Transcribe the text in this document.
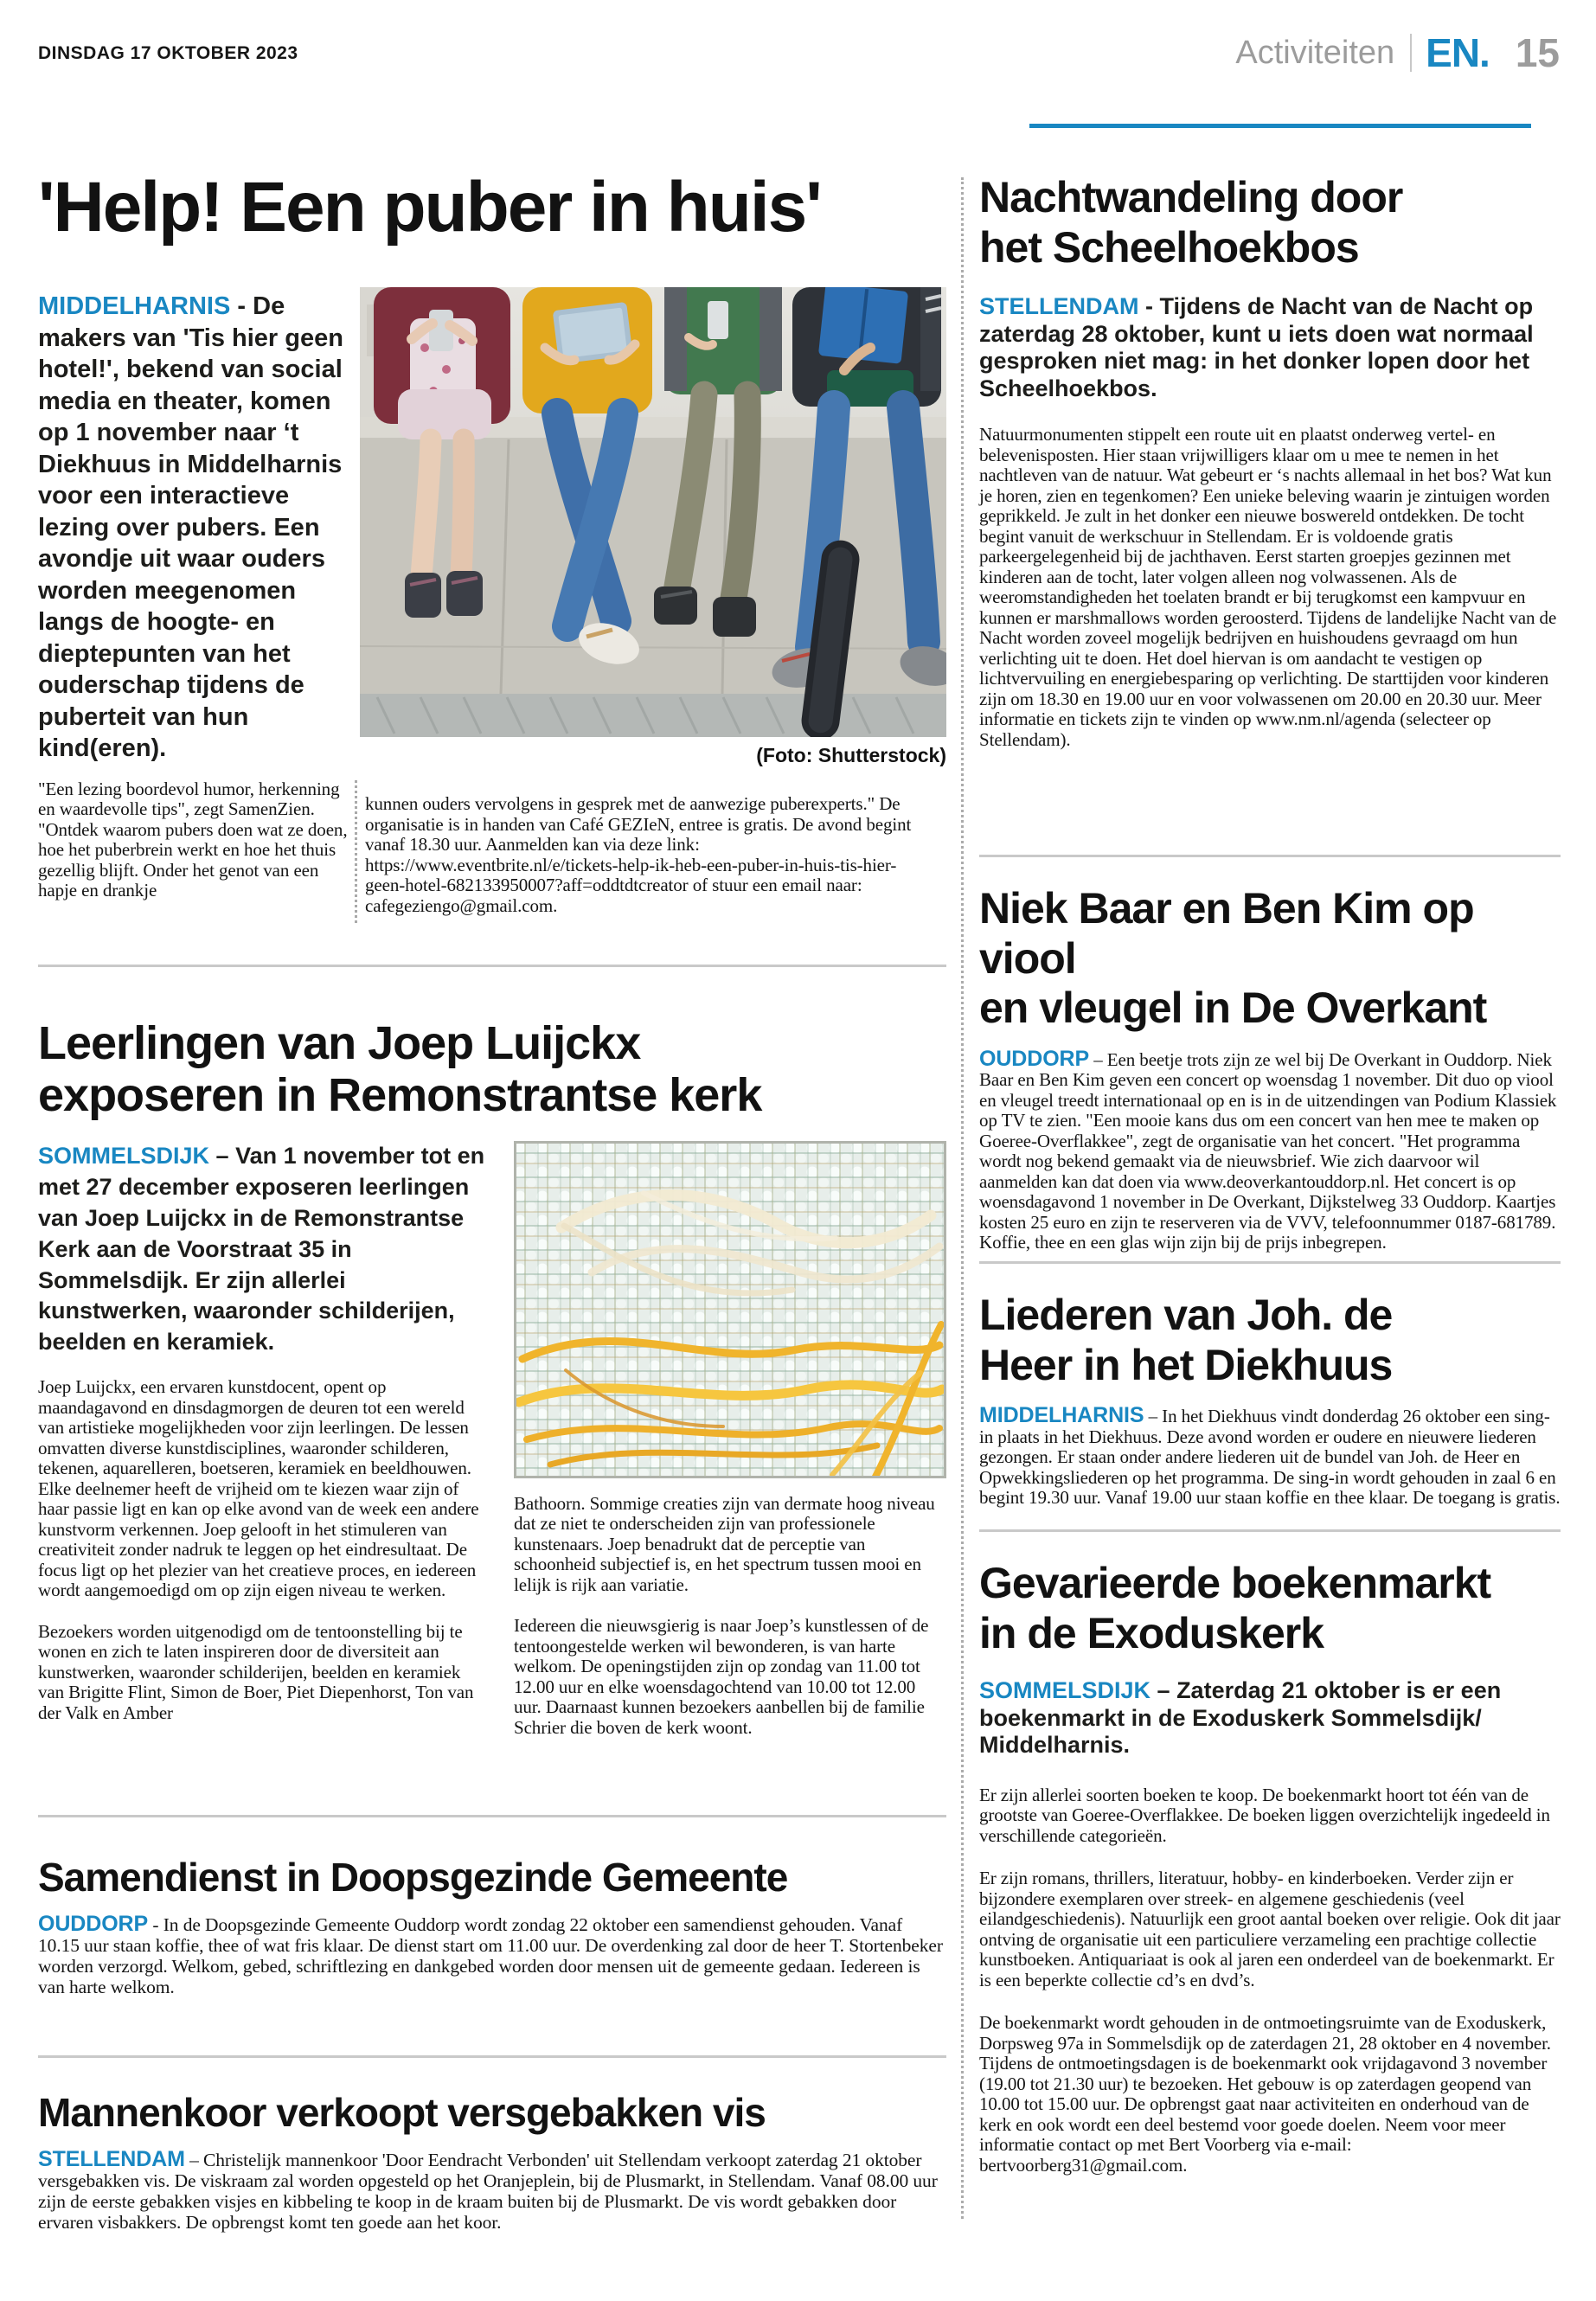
DINSDAG 17 OKTOBER 2023	Activiteiten EN. 15
'Help! Een puber in huis'

MIDDELHARNIS - De makers van 'Tis hier geen hotel!', bekend van social media en theater, komen op 1 november naar ‘t Diekhuus in Middelharnis voor een interactieve lezing over pubers. Een avondje uit waar ouders worden meegenomen langs de hoogte- en dieptepunten van het ouderschap tijdens de puberteit van hun kind(eren).

"Een lezing boordevol humor, herkenning en waardevolle tips", zegt SamenZien. "Ontdek waarom pubers doen wat ze doen, hoe het puberbrein werkt en hoe het thuis gezellig blijft. Onder het genot van een hapje en drankje

(Foto: Shutterstock)

kunnen ouders vervolgens in gesprek met de aanwezige puberexperts." De organisatie is in handen van Café GEZIeN, entree is gratis. De avond begint vanaf 18.30 uur. Aanmelden kan via deze link: https://www.eventbrite.nl/e/tickets-help-ik-heb-een-puber-in-huis-tis-hier-geen-hotel-682133950007?aff=oddtdtcreator of stuur een email naar: cafegeziengo@gmail.com.

Leerlingen van Joep Luijckx
exposeren in Remonstrantse kerk

SOMMELSDIJK – Van 1 november tot en met 27 december exposeren leerlingen van Joep Luijckx in de Remonstrantse Kerk aan de Voorstraat 35 in Sommelsdijk. Er zijn allerlei kunstwerken, waaronder schilderijen, beelden en keramiek.

Joep Luijckx, een ervaren kunstdocent, opent op maandagavond en dinsdagmorgen de deuren tot een wereld van artistieke mogelijkheden voor zijn leerlingen. De lessen omvatten diverse kunstdisciplines, waaronder schilderen, tekenen, aquarelleren, boetseren, keramiek en beeldhouwen. Elke deelnemer heeft de vrijheid om te kiezen waar zijn of haar passie ligt en kan op elke avond van de week een andere kunstvorm verkennen. Joep gelooft in het stimuleren van creativiteit zonder nadruk te leggen op het eindresultaat. De focus ligt op het plezier van het creatieve proces, en iedereen wordt aangemoedigd om op zijn eigen niveau te werken.

Bezoekers worden uitgenodigd om de tentoonstelling bij te wonen en zich te laten inspireren door de diversiteit aan kunstwerken, waaronder schilderijen, beelden en keramiek van Brigitte Flint, Simon de Boer, Piet Diepenhorst, Ton van der Valk en Amber

Bathoorn. Sommige creaties zijn van dermate hoog niveau dat ze niet te onderscheiden zijn van professionele kunstenaars. Joep benadrukt dat de perceptie van schoonheid subjectief is, en het spectrum tussen mooi en lelijk is rijk aan variatie.

Iedereen die nieuwsgierig is naar Joep’s kunstlessen of de tentoongestelde werken wil bewonderen, is van harte welkom. De openingstijden zijn op zondag van 11.00 tot 12.00 uur en elke woensdagochtend van 10.00 tot 12.00 uur. Daarnaast kunnen bezoekers aanbellen bij de familie Schrier die boven de kerk woont.

Samendienst in Doopsgezinde Gemeente

OUDDORP - In de Doopsgezinde Gemeente Ouddorp wordt zondag 22 oktober een samendienst gehouden. Vanaf 10.15 uur staan koffie, thee of wat fris klaar. De dienst start om 11.00 uur. De overdenking zal door de heer T. Stortenbeker worden verzorgd. Welkom, gebed, schriftlezing en dankgebed worden door mensen uit de gemeente gedaan. Iedereen is van harte welkom.

Mannenkoor verkoopt versgebakken vis

STELLENDAM – Christelijk mannenkoor 'Door Eendracht Verbonden' uit Stellendam verkoopt zaterdag 21 oktober versgebakken vis. De viskraam zal worden opgesteld op het Oranjeplein, bij de Plusmarkt, in Stellendam. Vanaf 08.00 uur zijn de eerste gebakken visjes en kibbeling te koop in de kraam buiten bij de Plusmarkt. De vis wordt gebakken door ervaren visbakkers. De opbrengst komt ten goede aan het koor.

Nachtwandeling door
het Scheelhoekbos

STELLENDAM - Tijdens de Nacht van de Nacht op zaterdag 28 oktober, kunt u iets doen wat normaal gesproken niet mag: in het donker lopen door het Scheelhoekbos.

Natuurmonumenten stippelt een route uit en plaatst onderweg vertel- en belevenisposten. Hier staan vrijwilligers klaar om u mee te nemen in het nachtleven van de natuur. Wat gebeurt er ‘s nachts allemaal in het bos? Wat kun je horen, zien en tegenkomen? Een unieke beleving waarin je zintuigen worden geprikkeld. Je zult in het donker een nieuwe boswereld ontdekken. De tocht begint vanuit de werkschuur in Stellendam. Er is voldoende gratis parkeergelegenheid bij de jachthaven. Eerst starten groepjes gezinnen met kinderen aan de tocht, later volgen alleen nog volwassenen. Als de weeromstandigheden het toelaten brandt er bij terugkomst een kampvuur en kunnen er marshmallows worden geroosterd. Tijdens de landelijke Nacht van de Nacht worden zoveel mogelijk bedrijven en huishoudens gevraagd om hun verlichting uit te doen. Het doel hiervan is om aandacht te vestigen op lichtvervuiling en energiebesparing op verlichting. De starttijden voor kinderen zijn om 18.30 en 19.00 uur en voor volwassenen om 20.00 en 20.30 uur. Meer informatie en tickets zijn te vinden op www.nm.nl/agenda (selecteer op Stellendam).

Niek Baar en Ben Kim op viool
en vleugel in De Overkant

OUDDORP – Een beetje trots zijn ze wel bij De Overkant in Ouddorp. Niek Baar en Ben Kim geven een concert op woensdag 1 november. Dit duo op viool en vleugel treedt internationaal op en is in de uitzendingen van Podium Klassiek op TV te zien. "Een mooie kans dus om een concert van hen mee te maken op Goeree-Overflakkee", zegt de organisatie van het concert. "Het programma wordt nog bekend gemaakt via de nieuwsbrief. Wie zich daarvoor wil aanmelden kan dat doen via www.deoverkantouddorp.nl. Het concert is op woensdagavond 1 november in De Overkant, Dijkstelweg 33 Ouddorp. Kaartjes kosten 25 euro en zijn te reserveren via de VVV, telefoonnummer 0187-681789. Koffie, thee en een glas wijn zijn bij de prijs inbegrepen.

Liederen van Joh. de
Heer in het Diekhuus

MIDDELHARNIS – In het Diekhuus vindt donderdag 26 oktober een sing-in plaats in het Diekhuus. Deze avond worden er oudere en nieuwere liederen gezongen. Er staan onder andere liederen uit de bundel van Joh. de Heer en Opwekkingsliederen op het programma. De sing-in wordt gehouden in zaal 6 en begint 19.30 uur. Vanaf 19.00 uur staan koffie en thee klaar. De toegang is gratis.

Gevarieerde boekenmarkt
in de Exoduskerk

SOMMELSDIJK – Zaterdag 21 oktober is er een boekenmarkt in de Exoduskerk Sommelsdijk/ Middelharnis.

Er zijn allerlei soorten boeken te koop. De boekenmarkt hoort tot één van de grootste van Goeree-Overflakkee. De boeken liggen overzichtelijk ingedeeld in verschillende categorieën.

Er zijn romans, thrillers, literatuur, hobby- en kinderboeken. Verder zijn er bijzondere exemplaren over streek- en algemene geschiedenis (veel eilandgeschiedenis). Natuurlijk een groot aantal boeken over religie. Ook dit jaar ontving de organisatie uit een particuliere verzameling een prachtige collectie kunstboeken. Antiquariaat is ook al jaren een onderdeel van de boekenmarkt. Er is een beperkte collectie cd’s en dvd’s.

De boekenmarkt wordt gehouden in de ontmoetingsruimte van de Exoduskerk, Dorpsweg 97a in Sommelsdijk op de zaterdagen 21, 28 oktober en 4 november. Tijdens de ontmoetingsdagen is de boekenmarkt ook vrijdagavond 3 november (19.00 tot 21.30 uur) te bezoeken. Het gebouw is op zaterdagen geopend van 10.00 tot 15.00 uur. De opbrengst gaat naar activiteiten en onderhoud van de kerk en ook wordt een deel bestemd voor goede doelen. Neem voor meer informatie contact op met Bert Voorberg via e-mail: bertvoorberg31@gmail.com.
